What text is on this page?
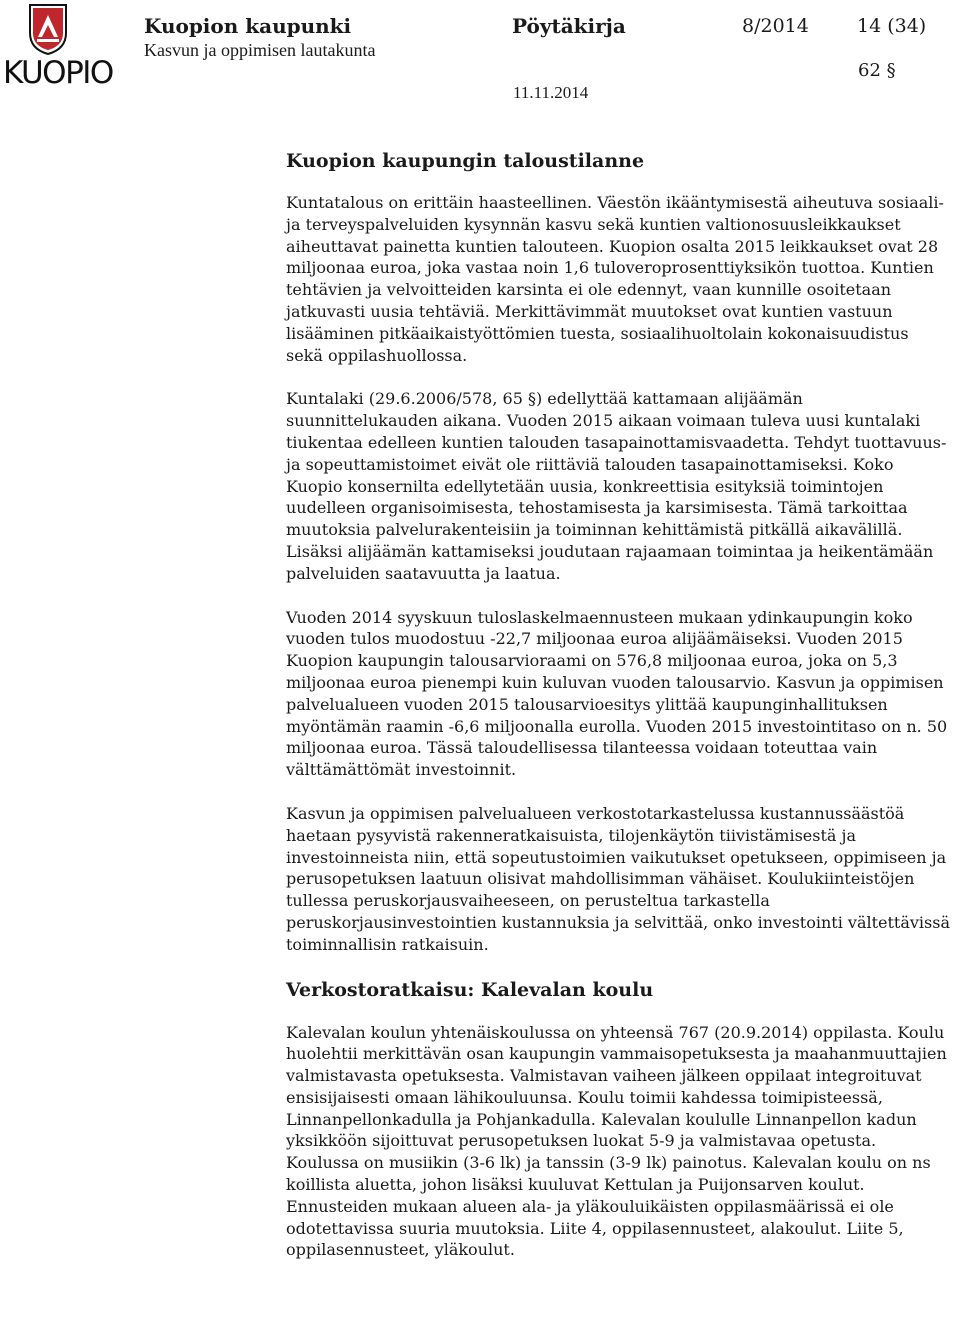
KUOPIO
Kuopion kaupunki
Kasvun ja oppimisen lautakunta
Pöytäkirja	8/2014	14 (34)
62 §
11.11.2014
Kuopion kaupungin taloustilanne

Kuntatalous on erittäin haasteellinen. Väestön ikääntymisestä aiheutuva sosiaali- ja terveyspalveluiden kysynnän kasvu sekä kuntien valtionosuusleikkaukset aiheuttavat painetta kuntien talouteen. Kuopion osalta 2015 leikkaukset ovat 28 miljoonaa euroa, joka vastaa noin 1,6 tuloveroprosenttiyksikön tuottoa. Kuntien tehtävien ja velvoitteiden karsinta ei ole edennyt, vaan kunnille osoitetaan jatkuvasti uusia tehtäviä. Merkittävimmät muutokset ovat kuntien vastuun lisääminen pitkäaikaistyöttömien tuesta, sosiaalihuoltolain kokonaisuudistus sekä oppilashuollossa.

Kuntalaki (29.6.2006/578, 65 §) edellyttää kattamaan alijäämän suunnittelukauden aikana. Vuoden 2015 aikaan voimaan tuleva uusi kuntalaki tiukentaa edelleen kuntien talouden tasapainottamisvaadetta. Tehdyt tuottavuus- ja sopeuttamistoimet eivät ole riittäviä talouden tasapainottamiseksi. Koko Kuopio konsernilta edellytetään uusia, konkreettisia esityksiä toimintojen uudelleen organisoimisesta, tehostamisesta ja karsimisesta. Tämä tarkoittaa muutoksia palvelurakenteisiin ja toiminnan kehittämistä pitkällä aikavälillä. Lisäksi alijäämän kattamiseksi joudutaan rajaamaan toimintaa ja heikentämään palveluiden saatavuutta ja laatua.

Vuoden 2014 syyskuun tuloslaskelmaennusteen mukaan ydinkaupungin koko vuoden tulos muodostuu -22,7 miljoonaa euroa alijäämäiseksi. Vuoden 2015 Kuopion kaupungin talousarvioraami on 576,8 miljoonaa euroa, joka on 5,3 miljoonaa euroa pienempi kuin kuluvan vuoden talousarvio. Kasvun ja oppimisen palvelualueen vuoden 2015 talousarvioesitys ylittää kaupunginhallituksen myöntämän raamin -6,6 miljoonalla eurolla. Vuoden 2015 investointitaso on n. 50 miljoonaa euroa. Tässä taloudellisessa tilanteessa voidaan toteuttaa vain välttämättömät investoinnit.

Kasvun ja oppimisen palvelualueen verkostotarkastelussa kustannussäästöä haetaan pysyvistä rakenneratkaisuista, tilojenkäytön tiivistämisestä ja investoinneista niin, että sopeutustoimien vaikutukset opetukseen, oppimiseen ja perusopetuksen laatuun olisivat mahdollisimman vähäiset. Koulukiinteistöjen tullessa peruskorjausvaiheeseen, on perusteltua tarkastella peruskorjausinvestointien kustannuksia ja selvittää, onko investointi vältettävissä toiminnallisin ratkaisuin.

Verkostoratkaisu: Kalevalan koulu

Kalevalan koulun yhtenäiskoulussa on yhteensä 767 (20.9.2014) oppilasta. Koulu huolehtii merkittävän osan kaupungin vammaisopetuksesta ja maahanmuuttajien valmistavasta opetuksesta. Valmistavan vaiheen jälkeen oppilaat integroituvat ensisijaisesti omaan lähikouluunsa. Koulu toimii kahdessa toimipisteessä, Linnanpellonkadulla ja Pohjankadulla. Kalevalan koululle Linnanpellon kadun yksikköön sijoittuvat perusopetuksen luokat 5-9 ja valmistavaa opetusta. Koulussa on musiikin (3-6 lk) ja tanssin (3-9 lk) painotus. Kalevalan koulu on ns koillista aluetta, johon lisäksi kuuluvat Kettulan ja Puijonsarven koulut. Ennusteiden mukaan alueen ala- ja yläkouluikäisten oppilasmäärissä ei ole odotettavissa suuria muutoksia. Liite 4, oppilasennusteet, alakoulut. Liite 5, oppilasennusteet, yläkoulut.
